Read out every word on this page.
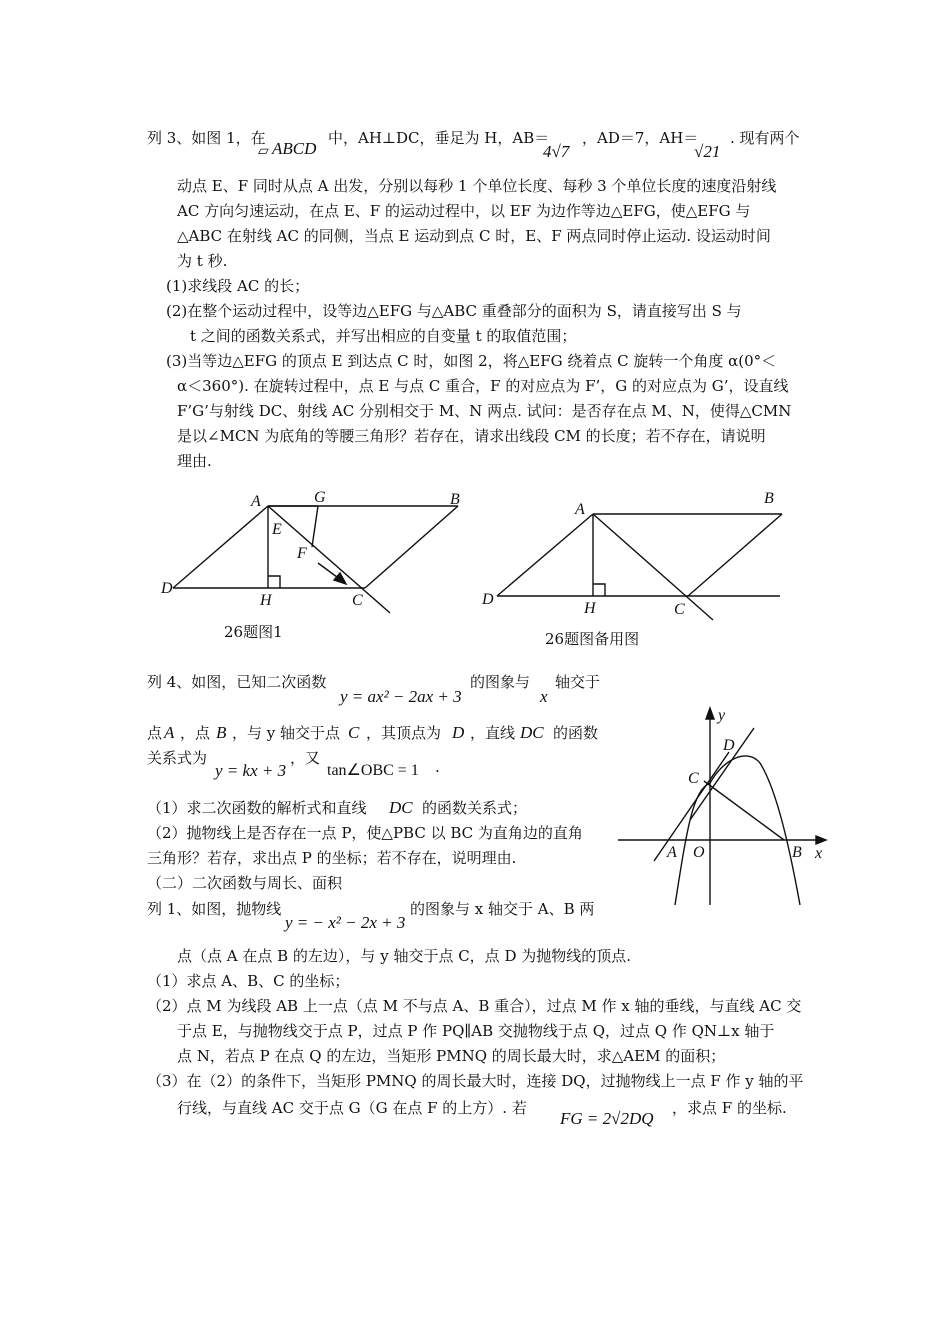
列 3、如图 1，在
▱ ABCD
中，AH⊥DC，垂足为 H，AB＝
4√7
，AD＝7，AH＝
√21
. 现有两个
动点 E、F 同时从点 A 出发，分别以每秒 1 个单位长度、每秒 3 个单位长度的速度沿射线
AC 方向匀速运动，在点 E、F 的运动过程中，以 EF 为边作等边△EFG，使△EFG 与
△ABC 在射线 AC 的同侧，当点 E 运动到点 C 时，E、F 两点同时停止运动. 设运动时间
为 t 秒.
(1)求线段 AC 的长；
(2)在整个运动过程中，设等边△EFG 与△ABC 重叠部分的面积为 S，请直接写出 S 与
t 之间的函数关系式，并写出相应的自变量 t 的取值范围；
(3)当等边△EFG 的顶点 E 到达点 C 时，如图 2，将△EFG 绕着点 C 旋转一个角度 α(0°＜
α＜360°). 在旋转过程中，点 E 与点 C 重合，F 的对应点为 F’，G 的对应点为 G’，设直线
F’G’与射线 DC、射线 AC 分别相交于 M、N 两点. 试问：是否存在点 M、N，使得△CMN
是以∠MCN 为底角的等腰三角形？若存在，请求出线段 CM 的长度；若不存在，请说明
理由.
A	G	B
E
F
D
H	C
26题图1
A
B
D
H	C
26题图备用图
列 4、如图，已知二次函数
y = ax² − 2ax + 3
的图象与
x
轴交于
点 A ，点 B ，与 y 轴交于点 C ，其顶点为 D ，直线 DC 的函数
关系式为
y = kx + 3
，又
tan∠OBC = 1 .
（1）求二次函数的解析式和直线 DC 的函数关系式；
（2）抛物线上是否存在一点 P，使△PBC 以 BC 为直角边的直角
三角形？若存，求出点 P 的坐标；若不存在，说明理由.
y
x
D
C
A O	B
（二）二次函数与周长、面积
列 1、如图，抛物线
y = − x² − 2x + 3
的图象与 x 轴交于 A、B 两
点（点 A 在点 B 的左边），与 y 轴交于点 C，点 D 为抛物线的顶点.
（1）求点 A、B、C 的坐标；
（2）点 M 为线段 AB 上一点（点 M 不与点 A、B 重合），过点 M 作 x 轴的垂线，与直线 AC 交
于点 E，与抛物线交于点 P，过点 P 作 PQ∥AB 交抛物线于点 Q，过点 Q 作 QN⊥x 轴于
点 N，若点 P 在点 Q 的左边，当矩形 PMNQ 的周长最大时，求△AEM 的面积；
（3）在（2）的条件下，当矩形 PMNQ 的周长最大时，连接 DQ，过抛物线上一点 F 作 y 轴的平
行线，与直线 AC 交于点 G（G 在点 F 的上方）. 若
FG = 2√2DQ
，求点 F 的坐标.
